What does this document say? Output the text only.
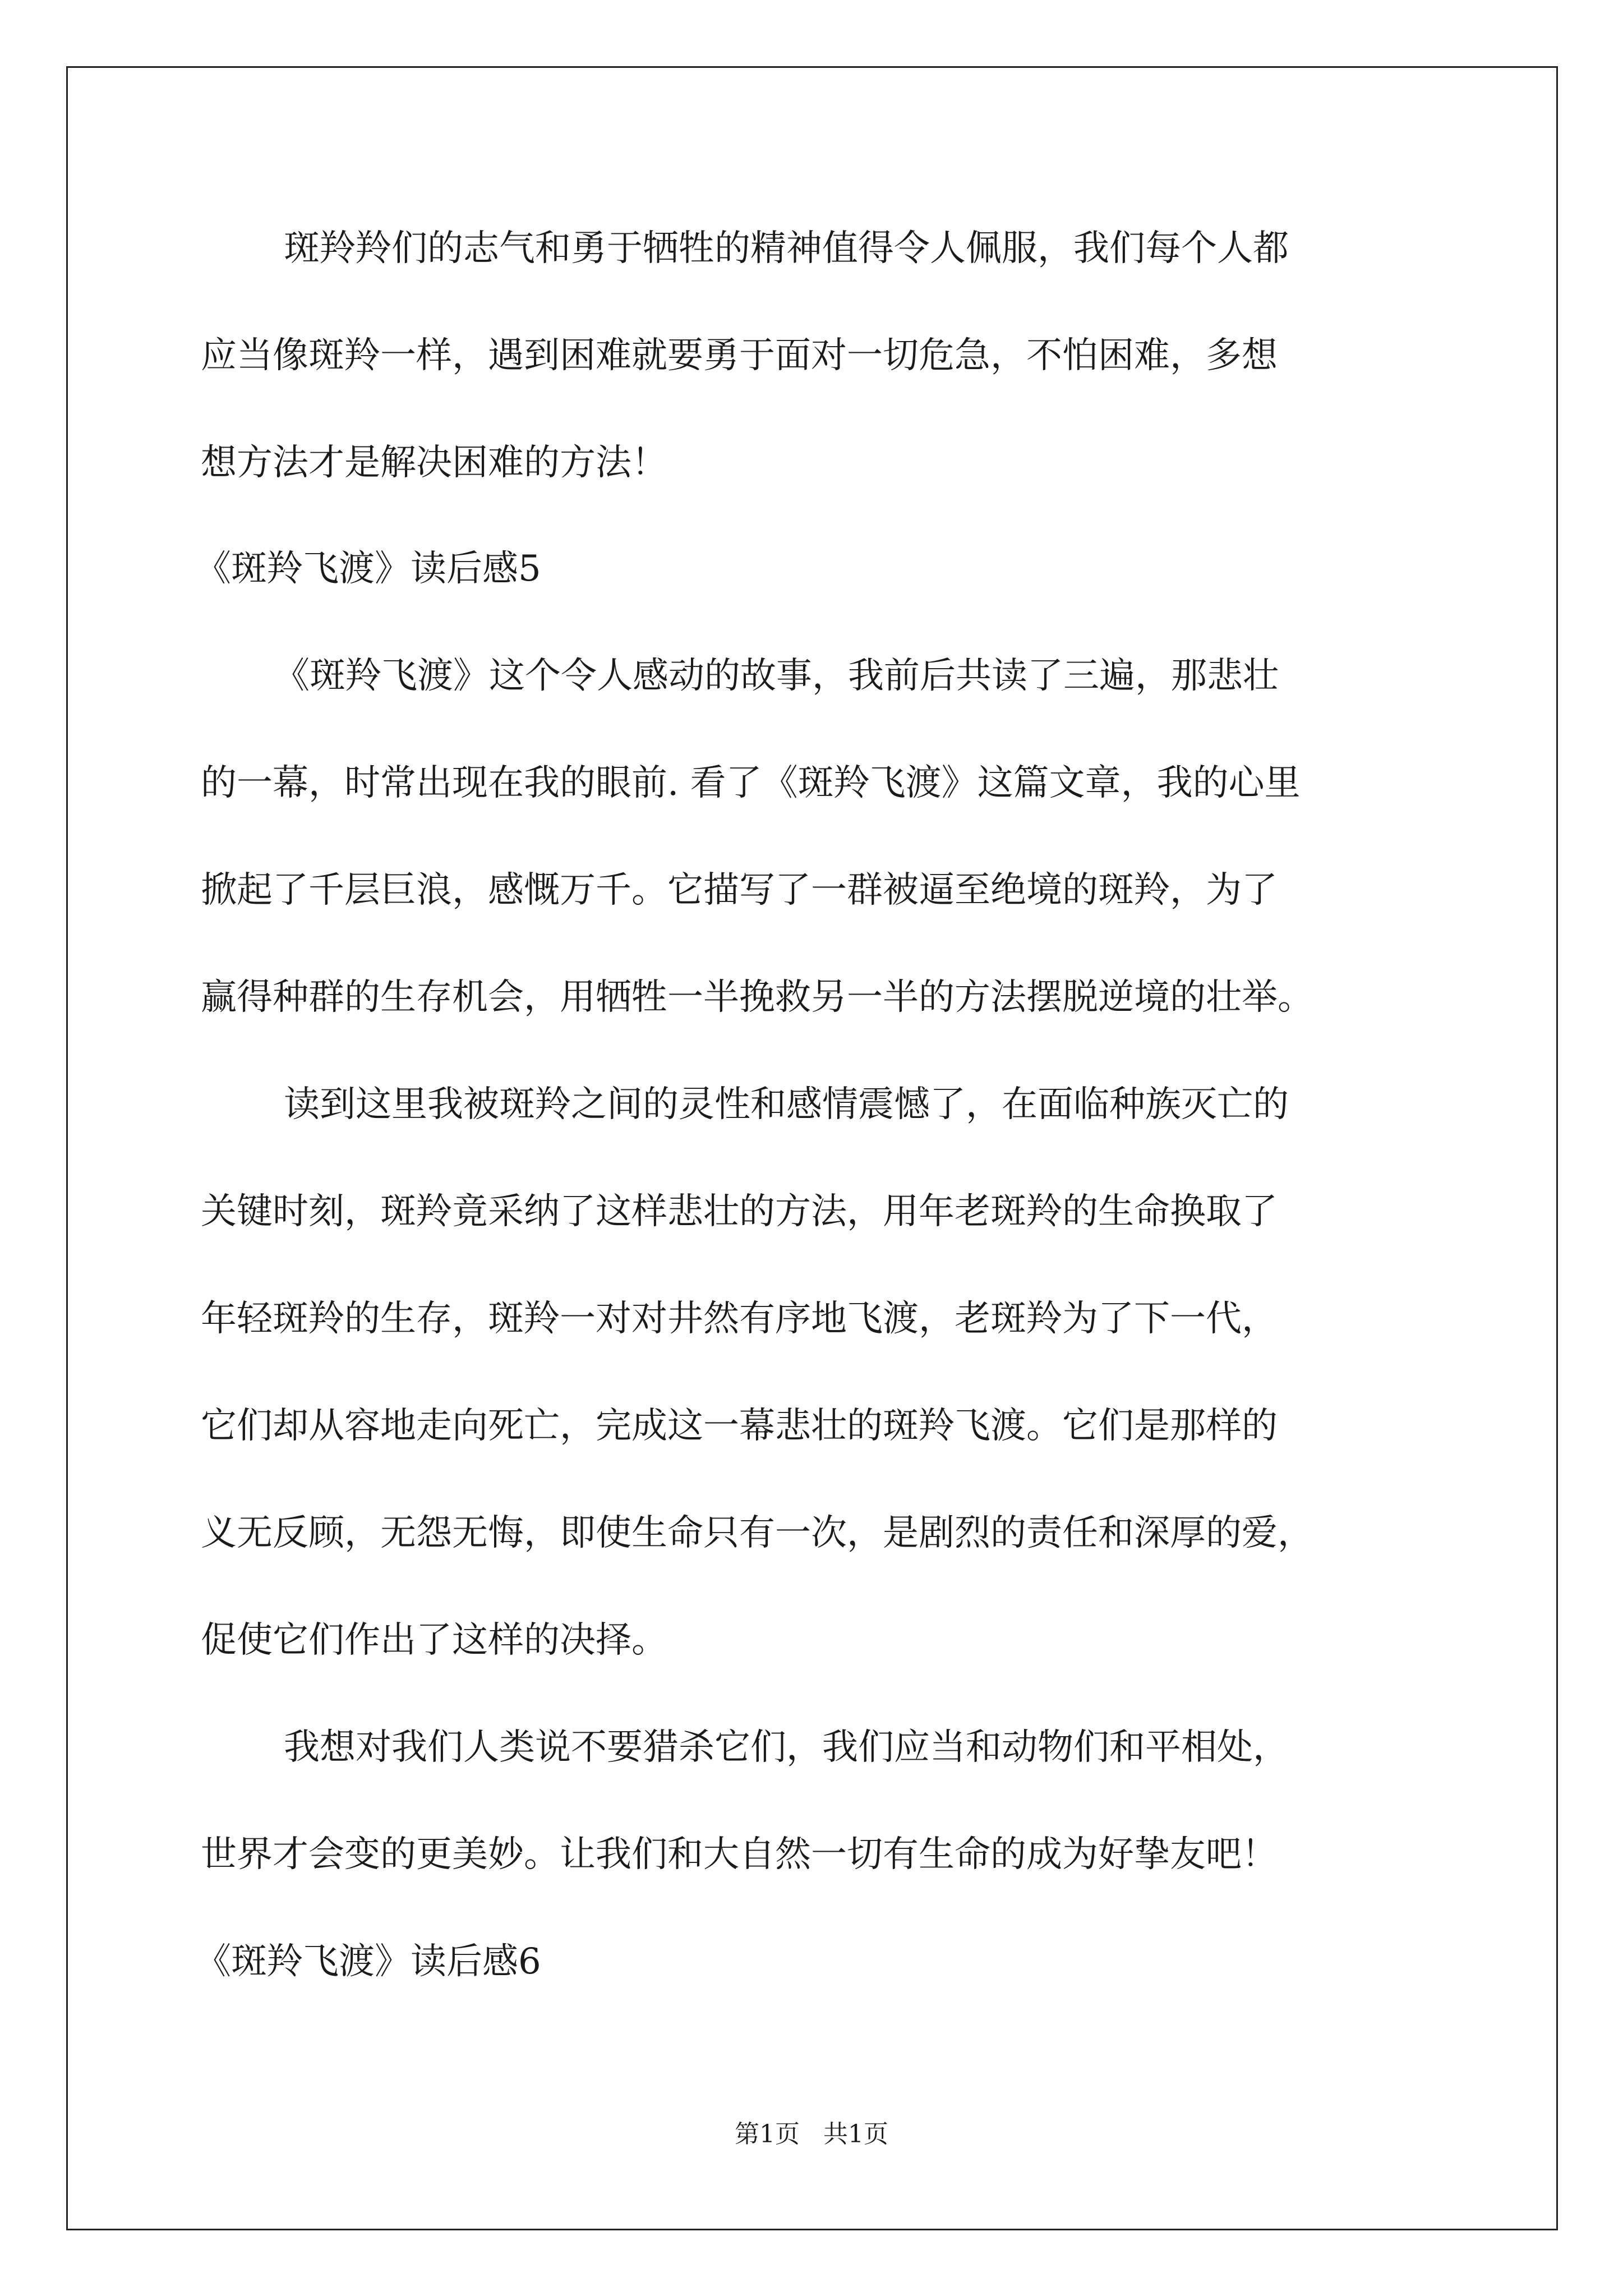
斑羚羚们的志气和勇于牺牲的精神值得令人佩服，我们每个人都
应当像斑羚一样，遇到困难就要勇于面对一切危急，不怕困难，多想
想方法才是解决困难的方法！
《斑羚飞渡》读后感5
《斑羚飞渡》这个令人感动的故事，我前后共读了三遍，那悲壮
的一幕，时常出现在我的眼前. 看了《斑羚飞渡》这篇文章，我的心里
掀起了千层巨浪，感慨万千。它描写了一群被逼至绝境的斑羚，为了
赢得种群的生存机会，用牺牲一半挽救另一半的方法摆脱逆境的壮举。
读到这里我被斑羚之间的灵性和感情震憾了，在面临种族灭亡的
关键时刻，斑羚竟采纳了这样悲壮的方法，用年老斑羚的生命换取了
年轻斑羚的生存，斑羚一对对井然有序地飞渡，老斑羚为了下一代，
它们却从容地走向死亡，完成这一幕悲壮的斑羚飞渡。它们是那样的
义无反顾，无怨无悔，即使生命只有一次，是剧烈的责任和深厚的爱，
促使它们作出了这样的决择。
我想对我们人类说不要猎杀它们，我们应当和动物们和平相处，
世界才会变的更美妙。让我们和大自然一切有生命的成为好挚友吧！
《斑羚飞渡》读后感6
第1页   共1页
